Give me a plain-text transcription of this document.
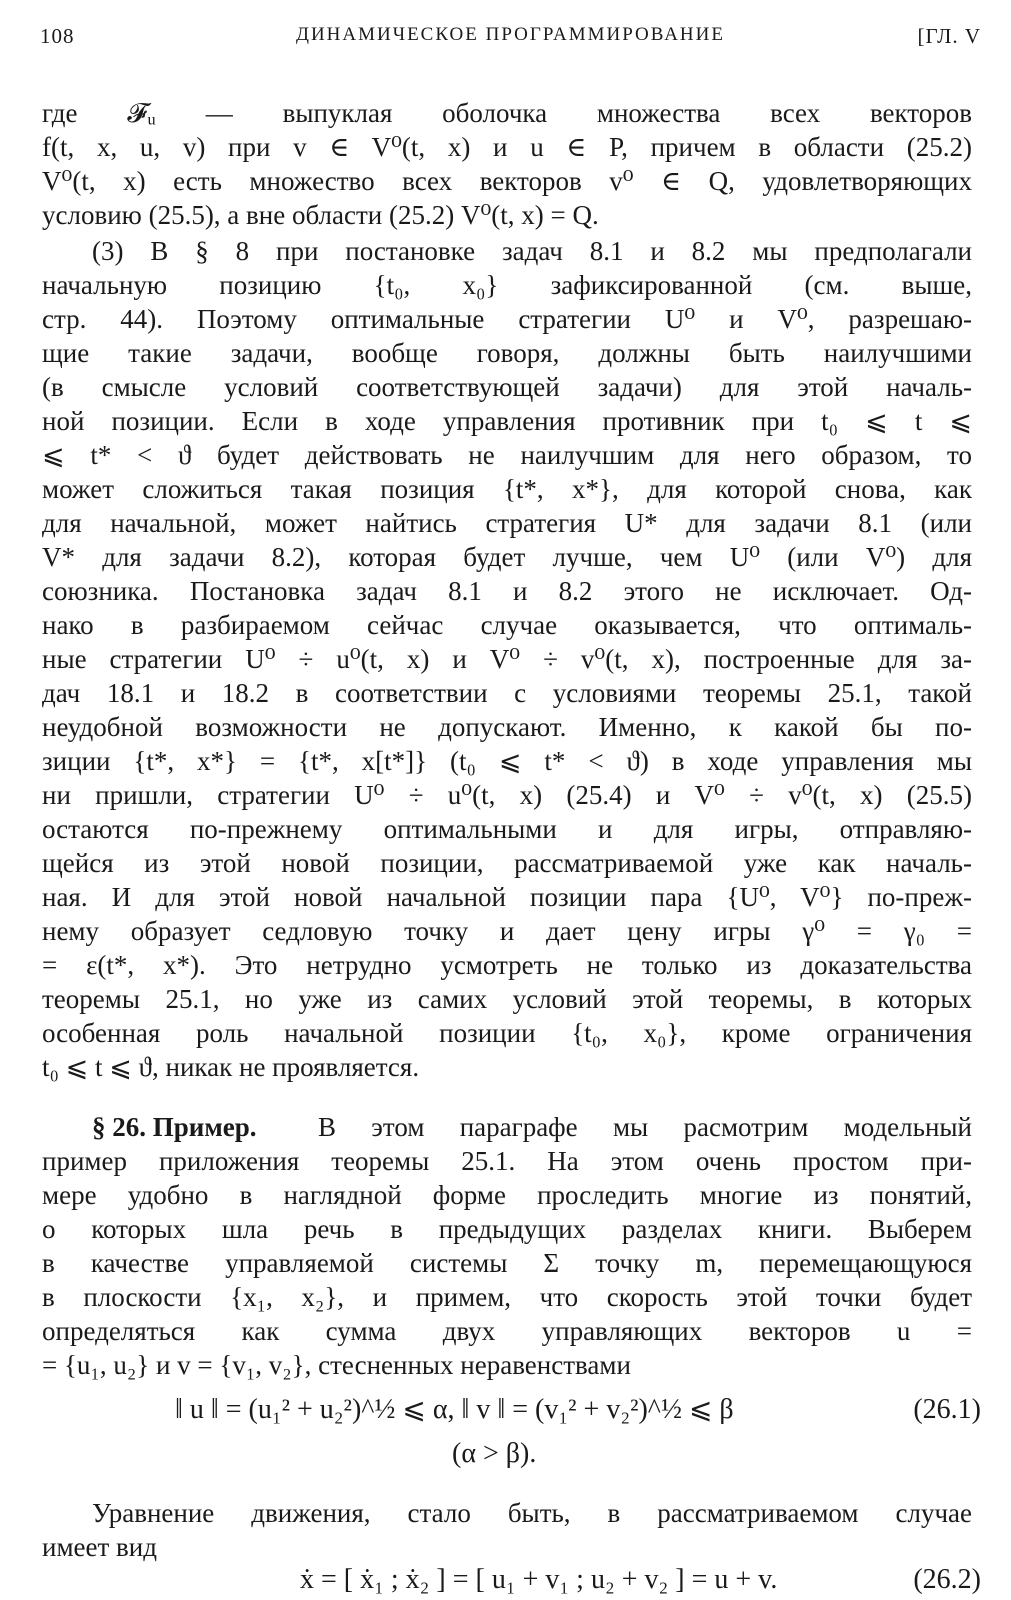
108	ДИНАМИЧЕСКОЕ ПРОГРАММИРОВАНИЕ	[ГЛ. V
где 𝓕ᵤ — выпуклая оболочка множества всех векторов
f(t, x, u, v) при v ∈ V⁰(t, x) и u ∈ P, причем в области (25.2)
V⁰(t, x) есть множество всех векторов v⁰ ∈ Q, удовлетворяющих
условию (25.5), а вне области (25.2) V⁰(t, x) = Q.
(3) В § 8 при постановке задач 8.1 и 8.2 мы предполагали
начальную позицию {t₀, x₀} зафиксированной (см. выше,
стр. 44). Поэтому оптимальные стратегии U⁰ и V⁰, разрешаю-
щие такие задачи, вообще говоря, должны быть наилучшими
(в смысле условий соответствующей задачи) для этой началь-
ной позиции. Если в ходе управления противник при t₀ ⩽ t ⩽
⩽ t* < ϑ будет действовать не наилучшим для него образом, то
может сложиться такая позиция {t*, x*}, для которой снова, как
для начальной, может найтись стратегия U* для задачи 8.1 (или
V* для задачи 8.2), которая будет лучше, чем U⁰ (или V⁰) для
союзника. Постановка задач 8.1 и 8.2 этого не исключает. Од-
нако в разбираемом сейчас случае оказывается, что оптималь-
ные стратегии U⁰ ÷ u⁰(t, x) и V⁰ ÷ v⁰(t, x), построенные для за-
дач 18.1 и 18.2 в соответствии с условиями теоремы 25.1, такой
неудобной возможности не допускают. Именно, к какой бы по-
зиции {t*, x*} = {t*, x[t*]} (t₀ ⩽ t* < ϑ) в ходе управления мы
ни пришли, стратегии U⁰ ÷ u⁰(t, x) (25.4) и V⁰ ÷ v⁰(t, x) (25.5)
остаются по-прежнему оптимальными и для игры, отправляю-
щейся из этой новой позиции, рассматриваемой уже как началь-
ная. И для этой новой начальной позиции пара {U⁰, V⁰} по-преж-
нему образует седловую точку и дает цену игры γ⁰ = γ₀ =
= ε(t*, x*). Это нетрудно усмотреть не только из доказательства
теоремы 25.1, но уже из самих условий этой теоремы, в которых
особенная роль начальной позиции {t₀, x₀}, кроме ограничения
t₀ ⩽ t ⩽ ϑ, никак не проявляется.
§ 26. Пример.	В этом параграфе мы расмотрим модельный
пример приложения теоремы 25.1. На этом очень простом при-
мере удобно в наглядной форме проследить многие из понятий,
о которых шла речь в предыдущих разделах книги. Выберем
в качестве управляемой системы Σ точку m, перемещающуюся
в плоскости {x₁, x₂}, и примем, что скорость этой точки будет
определяться как сумма двух управляющих векторов u =
= {u₁, u₂} и v = {v₁, v₂}, стесненных неравенствами
‖ u ‖ = (u₁² + u₂²)^½ ⩽ α, ‖ v ‖ = (v₁² + v₂²)^½ ⩽ β	(26.1)
(α > β).
Уравнение движения, стало быть, в рассматриваемом случае
имеет вид
ẋ = [ ẋ₁ ; ẋ₂ ] = [ u₁ + v₁ ; u₂ + v₂ ] = u + v.	(26.2)
